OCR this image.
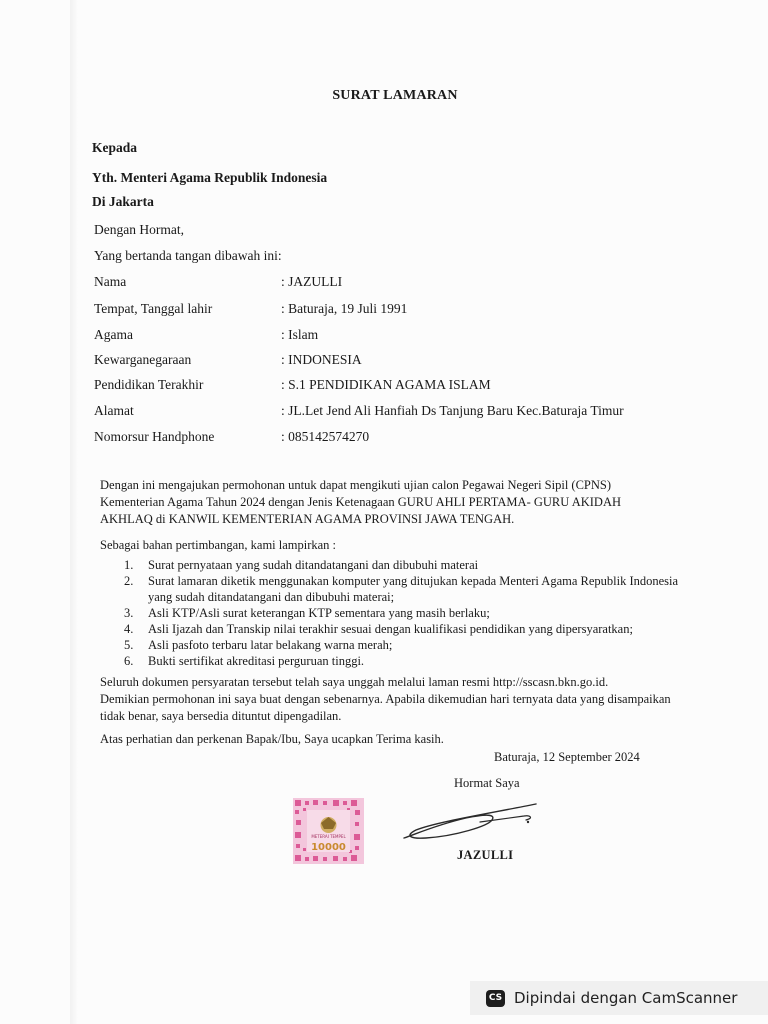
SURAT LAMARAN
Kepada
Yth. Menteri Agama Republik Indonesia
Di Jakarta
Dengan Hormat,
Yang bertanda tangan dibawah ini:
Nama	: JAZULLI
Tempat, Tanggal lahir	: Baturaja, 19 Juli 1991
Agama	: Islam
Kewarganegaraan	: INDONESIA
Pendidikan Terakhir	: S.1 PENDIDIKAN AGAMA ISLAM
Alamat	: JL.Let Jend Ali Hanfiah Ds Tanjung Baru Kec.Baturaja Timur
Nomorsur Handphone	: 085142574270

Dengan ini mengajukan permohonan untuk dapat mengikuti ujian calon Pegawai Negeri Sipil (CPNS) Kementerian Agama Tahun 2024 dengan Jenis Ketenagaan GURU AHLI PERTAMA- GURU AKIDAH AKHLAQ di KANWIL KEMENTERIAN AGAMA PROVINSI JAWA TENGAH.

Sebagai bahan pertimbangan, kami lampirkan :

1. Surat pernyataan yang sudah ditandatangani dan dibubuhi materai
2. Surat lamaran diketik menggunakan komputer yang ditujukan kepada Menteri Agama Republik Indonesia yang sudah ditandatangani dan dibubuhi materai;
3. Asli KTP/Asli surat keterangan KTP sementara yang masih berlaku;
4. Asli Ijazah dan Transkip nilai terakhir sesuai dengan kualifikasi pendidikan yang dipersyaratkan;
5. Asli pasfoto terbaru latar belakang warna merah;
6. Bukti sertifikat akreditasi perguruan tinggi.

Seluruh dokumen persyaratan tersebut telah saya unggah melalui laman resmi http://sscasn.bkn.go.id.

Demikian permohonan ini saya buat dengan sebenarnya. Apabila dikemudian hari ternyata data yang disampaikan tidak benar, saya bersedia dituntut dipengadilan.

Atas perhatian dan perkenan Bapak/Ibu, Saya ucapkan Terima kasih.

Baturaja, 12 September 2024
Hormat Saya
METERAI TEMPEL
10000
JAZULLI
CS Dipindai dengan CamScanner
